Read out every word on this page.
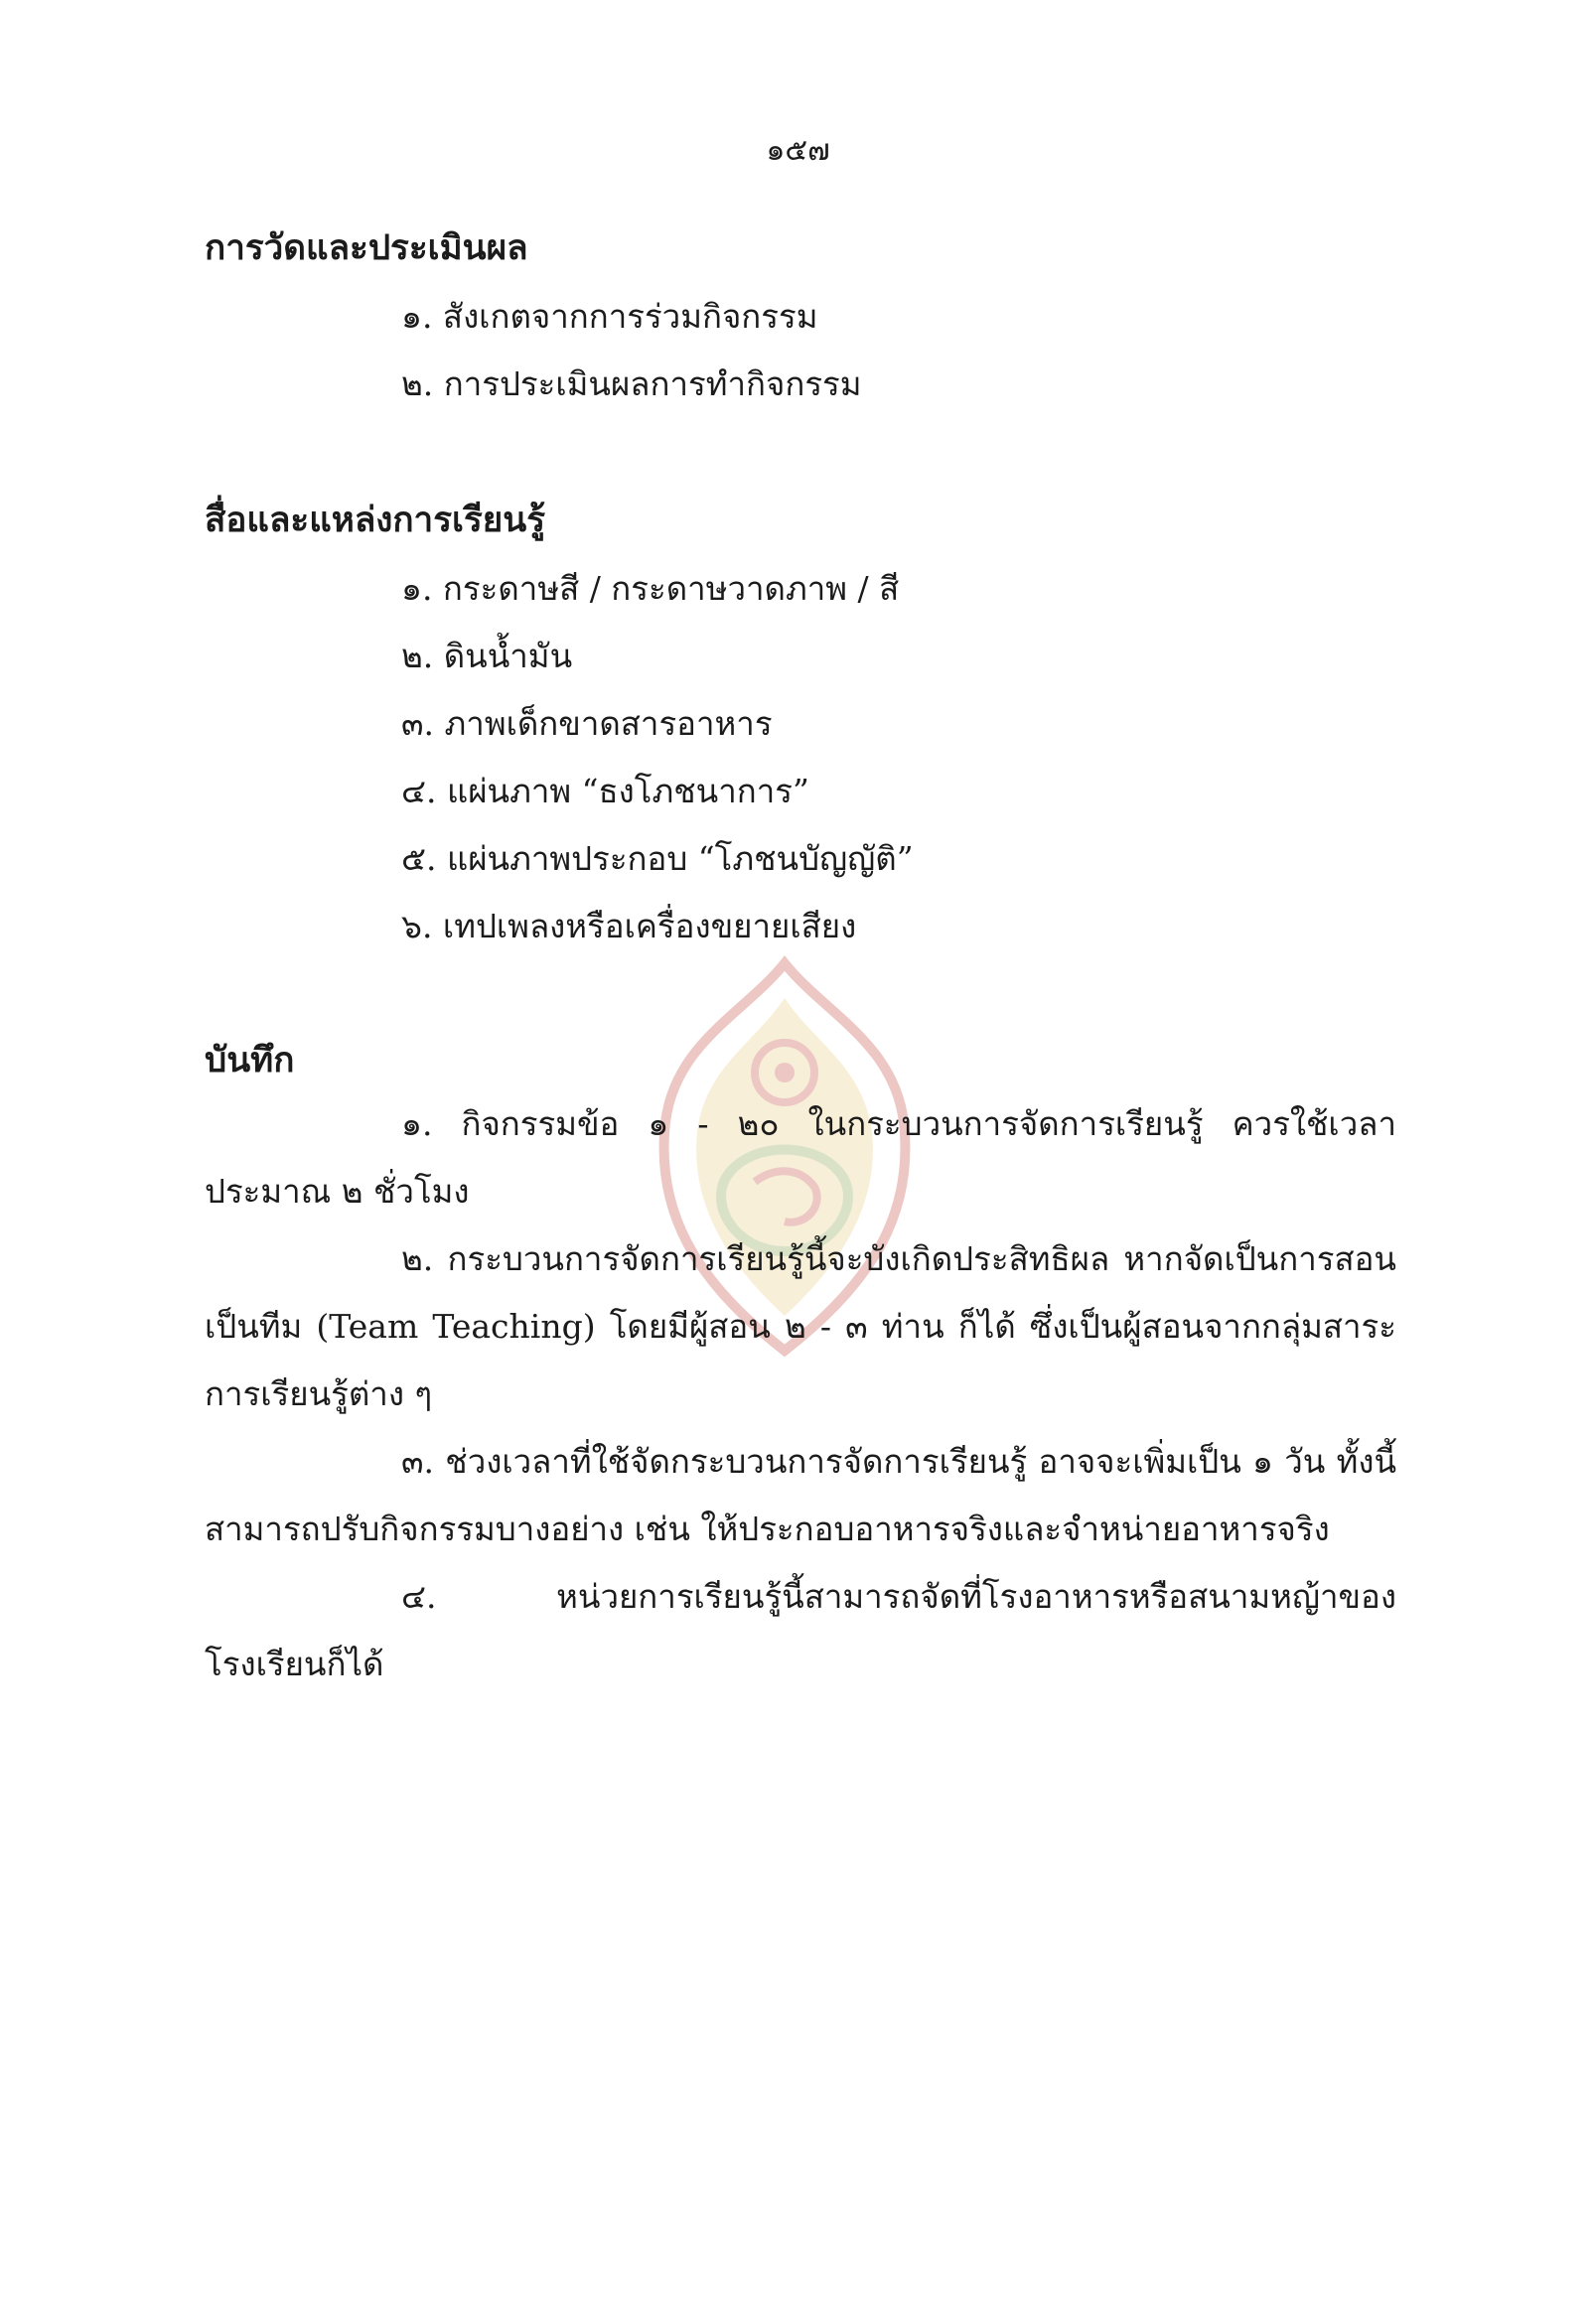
๑๕๗
การวัดและประเมินผล
๑. สังเกตจากการร่วมกิจกรรม
๒. การประเมินผลการทำกิจกรรม
สื่อและแหล่งการเรียนรู้
๑. กระดาษสี / กระดาษวาดภาพ / สี
๒. ดินน้ำมัน
๓. ภาพเด็กขาดสารอาหาร
๔. แผ่นภาพ “ธงโภชนาการ”
๕. แผ่นภาพประกอบ “โภชนบัญญัติ”
๖. เทปเพลงหรือเครื่องขยายเสียง
บันทึก
๑. กิจกรรมข้อ ๑ - ๒๐ ในกระบวนการจัดการเรียนรู้ ควรใช้เวลาประมาณ ๒ ชั่วโมง
๒. กระบวนการจัดการเรียนรู้นี้จะบังเกิดประสิทธิผล หากจัดเป็นการสอนเป็นทีม (Team Teaching) โดยมีผู้สอน ๒ - ๓ ท่าน ก็ได้ ซึ่งเป็นผู้สอนจากกลุ่มสาระการเรียนรู้ต่าง ๆ
๓. ช่วงเวลาที่ใช้จัดกระบวนการจัดการเรียนรู้ อาจจะเพิ่มเป็น ๑ วัน ทั้งนี้สามารถปรับกิจกรรมบางอย่าง เช่น ให้ประกอบอาหารจริงและจำหน่ายอาหารจริง
๔. หน่วยการเรียนรู้นี้สามารถจัดที่โรงอาหารหรือสนามหญ้าของโรงเรียนก็ได้
